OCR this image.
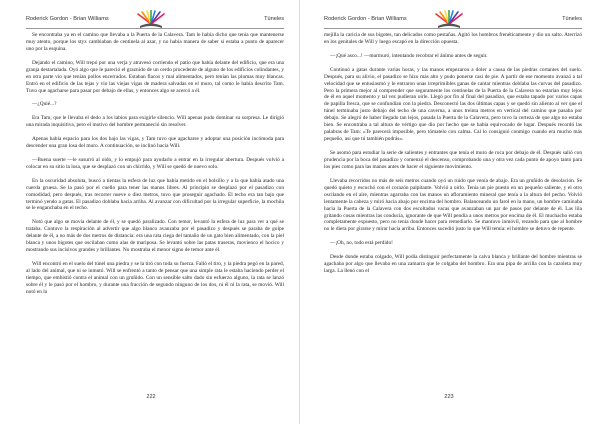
Roderick Gordon - Brian Williams	Túneles

Se encontraba ya en el camino que llevaba a la Puerta de la Calavera. Tam le había dicho que tenía que mantenerse muy atento, porque los styx cambiaban de centinela al azar, y no había manera de saber si estaba a punto de aparecer uno por la esquina.

Dejando el camino, Will trepó por una verja y atravesó corriendo el patio que había delante del edificio, que era una granja destartalada. Oyó algo que le pareció el graznido de un cerdo procedente de alguno de los edificios colindantes, y en otra parte vio que tenían pollos encerrados. Estaban flacos y mal alimentados, pero tenían las plumas muy blancas. Entró en el edificio de las tejas y vio las viejas vigas de madera salvadas en el muro, tal como le había descrito Tam. Tuvo que agacharse para pasar por debajo de ellas, y entonces algo se acercó a él.

—¿Quié...?

Era Tam, que le llevaba el dedo a los labios para exigirle silencio. Will apenas pudo dominar su sorpresa. Le dirigió una mirada inquisitiva, pero el motivo del hombre permaneció sin resolver.

Apenas había espacio para los dos bajo las vigas, y Tam tuvo que agacharse y adoptar una posición incómoda para descender una gran losa del muro. A continuación, se inclinó hacia Will.

—Buena suerte —le susurró al oído, y lo empujó para ayudarlo a entrar en la irregular abertura. Después volvió a colocar en su sitio la losa, que se desplazó con un chirrido, y Will se quedó de nuevo solo.

En la oscuridad absoluta, buscó a tientas la esfera de luz que había metido en el bolsillo y a la que había atado una cuerda gruesa. Se la pasó por el cuello para tener las manos libres. Al principio se desplazó por el pasadizo con comodidad, pero después, tras recorrer nueve o diez metros, tuvo que proseguir agachado. El techo era tan bajo que terminó yendo a gatas. El pasadizo doblaba hacia arriba. Al avanzar con dificultad por la irregular superficie, la mochila se le enganchaba en el techo.

Notó que algo se movía delante de él, y se quedó paralizado. Con temor, levantó la esfera de luz para ver a qué se trataba. Contuvo la respiración al advertir que algo blanco avanzaba por el pasadizo y después se paraba de golpe delante de él, a no más de dos metros de distancia: era una rata ciega del tamaño de un gato bien alimentado, con la piel blanca y unos bigotes que oscilaban como alas de mariposa. Se levantó sobre las patas traseras, movienco el hocico y mostrando sus incisivos grandes y brillantes. No mostraba el menor signo de temor ante él.

Will encontró en el suelo del túnel una piedra y se la tiró con toda su fuerza. Falló el tiro, y la piedra pegó en la pared, al lado del animal, que ni se inmutó. Will se enfrentó a tanto de pensar que una simple rata le estaba haciendo perder el tiempo, que embistió contra el animal con un gruñido. Con un sensible salto dado sin esfuerzo alguno, la rata se lanzó sobre él y le pasó por el hombro, y durante una fracción de segundo ninguno de los dos, ni él ni la rata, se movió. Will notó en la

222
Roderick Gordon - Brian Williams	Túneles

mejilla la caricia de sus bigotes, tan delicados como pestañas. Agitó los hombros frenéticamente y dio un salto. Aterrizó en los genitales de Will y luego escapó en la dirección opuesta.

—¡Qué asco...! —murmuró, intentando recobrar el ánimo antes de seguir.

Continuó a gatas durante varias horas, y las manos empezaron a doler a causa de las piedras cortantes del suelo. Después, para su alivio, el pasadizo se hizo más alto y pudo ponerse casi de pie. A partir de ese momento avanzó a tal velocidad que se entusiasmó y le entraron unas irreprimibles ganas de cantar mientras doblaba las curvas del pasadizo. Pero la primera mejor al comprender que seguramente los centinelas de la Puerta de la Calavera no estarían muy lejos de él en aquel momento y tal vez pudieran oírle. Llegó por fin al final del pasadizo, que estaba tapado por varios capas de papilla fresca, que se confundían con la piedra. Desconectó las dos últimas capas y se quedó sin aliento al ver que el túnel terminaba justo debajo del techo de una caverna, a unos treinta metros en vertical del camino que pasaba por debajo. Se alegró de haber llegado tan lejos, pasada la Puerta de la Calavera, pero tuvo la certeza de que algo no estaba bien. Se encontraba a tal altura de vértigo que dio por hecho que se había equivocado de lugar. Después recordó las palabras de Tam: «Te parecerá imposible, pero tómatelo con calma. Cal lo consiguió conmigo cuando era mucho más pequeño, así que tú también podrás».

Se asomó para estudiar la serie de salientes y entrantes que tenía el muro de roca por debajo de él. Después salió con prudencia por la boca del pasadizo y comenzó el descenso, comprobando una y otra vez cada punto de apoyo tanto para los pies como para las manos antes de hacer el siguiente movimiento.

Llevaba recorridos no más de seis metros cuando oyó un ruido que venía de abajo. Era un gruñido de desolación. Se quedó quieto y escuchó con el corazón palpitante. Volvió a oírlo. Tenía un pie puesto en un pequeño saliente, y el otro oscilando en el aire, mientras agarraba con las manos un afloramiento mineral que tenía a la altura del pecho. Volvió lentamente la cabeza y miró hacia abajo por encima del hombro. Balanceando un farol en la mano, un hombre caminaba hacia la Puerta de la Calavera con dos escoltados vacas que avanzaban un par de pasos por delante de él. Las lila gritando cosas mientras las conducía, ignorante de que Will pendía a unos metros por encima de él. El muchacho estaba completamente expuesto, pero no tenía donde hacer para remediarlo. Se mantuvo inmóvil, rezando para que al hombre no le diera por girarse y mirar hacia arriba. Entonces sucedió justo lo que Will temía: el hombre se detuvo de repente.

—¡Oh, no, todo está perdido!

Desde donde estaba colgado, Will podía distinguir perfectamente la calva blanca y brillante del hombre mientras se agachaba por algo que llevaba en una zamarra que le colgaba del hombro. Era una pipa de arcilla con la cazoleta muy larga. La llenó con el

223
